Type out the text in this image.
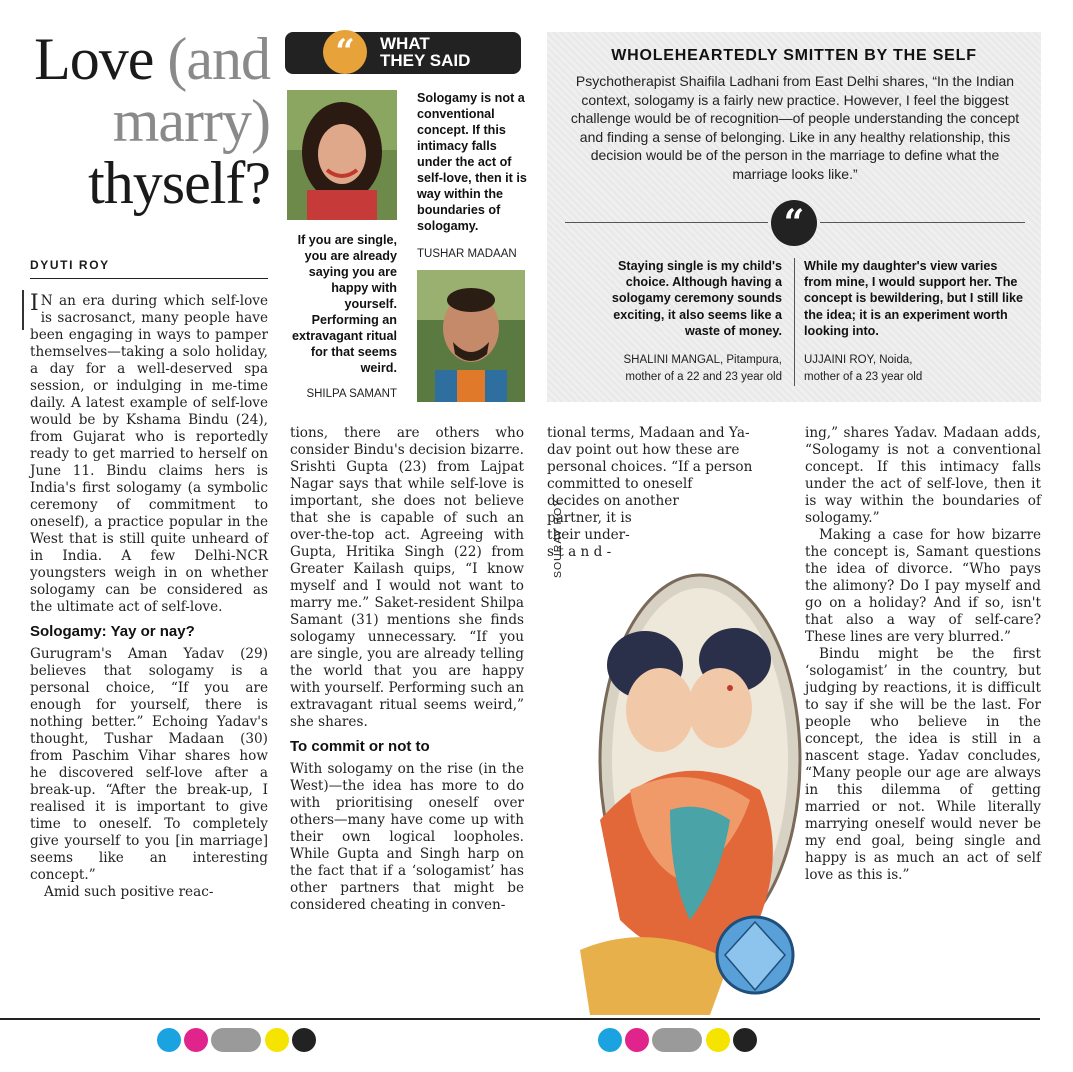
Love (and
marry)
thyself?
DYUTI ROY

I N an era during which self-love is sacrosanct, many people have been engaging in ways to pamper themselves—taking a solo holiday, a day for a well-deserved spa session, or indulging in me-time daily. A latest example of self-love would be by Kshama Bindu (24), from Gujarat who is reportedly ready to get married to herself on June 11. Bindu claims hers is India's first sologamy (a symbolic ceremony of commitment to oneself), a practice popular in the West that is still quite unheard of in India. A few Delhi-NCR youngsters weigh in on whether sologamy can be considered as the ultimate act of self-love.

Sologamy: Yay or nay?

Gurugram's Aman Yadav (29) believes that sologamy is a personal choice, “If you are enough for yourself, there is nothing better.” Echoing Yadav's thought, Tushar Madaan (30) from Paschim Vihar shares how he discovered self-love after a break-up. “After the break-up, I realised it is important to give time to oneself. To completely give yourself to you [in marriage] seems like an interesting concept.”

Amid such positive reac-

“ WHAT
THEY SAID
Sologamy is not a conventional concept. If this intimacy falls under the act of self-love, then it is way within the boundaries of sologamy.
TUSHAR MADAAN
If you are single, you are already saying you are happy with yourself. Performing an extravagant ritual for that seems weird.
SHILPA SAMANT

tions, there are others who consider Bindu's decision bizarre. Srishti Gupta (23) from Lajpat Nagar says that while self-love is important, she does not believe that she is capable of such an over-the-top act. Agreeing with Gupta, Hritika Singh (22) from Greater Kailash quips, “I know myself and I would not want to marry me.” Saket-resident Shilpa Samant (31) mentions she finds sologamy unnecessary. “If you are single, you are already telling the world that you are happy with yourself. Performing such an extravagant ritual seems weird,” she shares.

To commit or not to

With sologamy on the rise (in the West)—the idea has more to do with prioritising oneself over others—many have come up with their own logical loopholes. While Gupta and Singh harp on the fact that if a ‘sologamist’ has other partners that might be considered cheating in conven-

WHOLEHEARTEDLY SMITTEN BY THE SELF
Psychotherapist Shaifila Ladhani from East Delhi shares, “In the Indian context, sologamy is a fairly new practice. However, I feel the biggest challenge would be of recognition—of people understanding the concept and finding a sense of belonging. Like in any healthy relationship, this decision would be of the person in the marriage to define what the marriage looks like.”
“
Staying single is my child's choice. Although having a sologamy ceremony sounds exciting, it also seems like a waste of money.
SHALINI MANGAL, Pitampura,
mother of a 22 and 23 year old
While my daughter's view varies from mine, I would support her. The concept is bewildering, but I still like the idea; it is an experiment worth looking into.
UJJAINI ROY, Noida,
mother of a 23 year old
tional terms, Madaan and Ya-
dav point out how these are
personal choices. “If a person
committed to oneself
decides on another
partner, it is
their under-
s t a n d -
SOURAV ROY

ing,” shares Yadav. Madaan adds, “Sologamy is not a conventional concept. If this intimacy falls under the act of self-love, then it is way within the boundaries of sologamy.”

Making a case for how bizarre the concept is, Samant questions the idea of divorce. “Who pays the alimony? Do I pay myself and go on a holiday? And if so, isn't that also a way of self-care? These lines are very blurred.”

Bindu might be the first ‘sologamist’ in the country, but judging by reactions, it is difficult to say if she will be the last. For people who believe in the concept, the idea is still in a nascent stage. Yadav concludes, “Many people our age are always in this dilemma of getting married or not. While literally marrying oneself would never be my end goal, being single and happy is as much an act of self love as this is.”
